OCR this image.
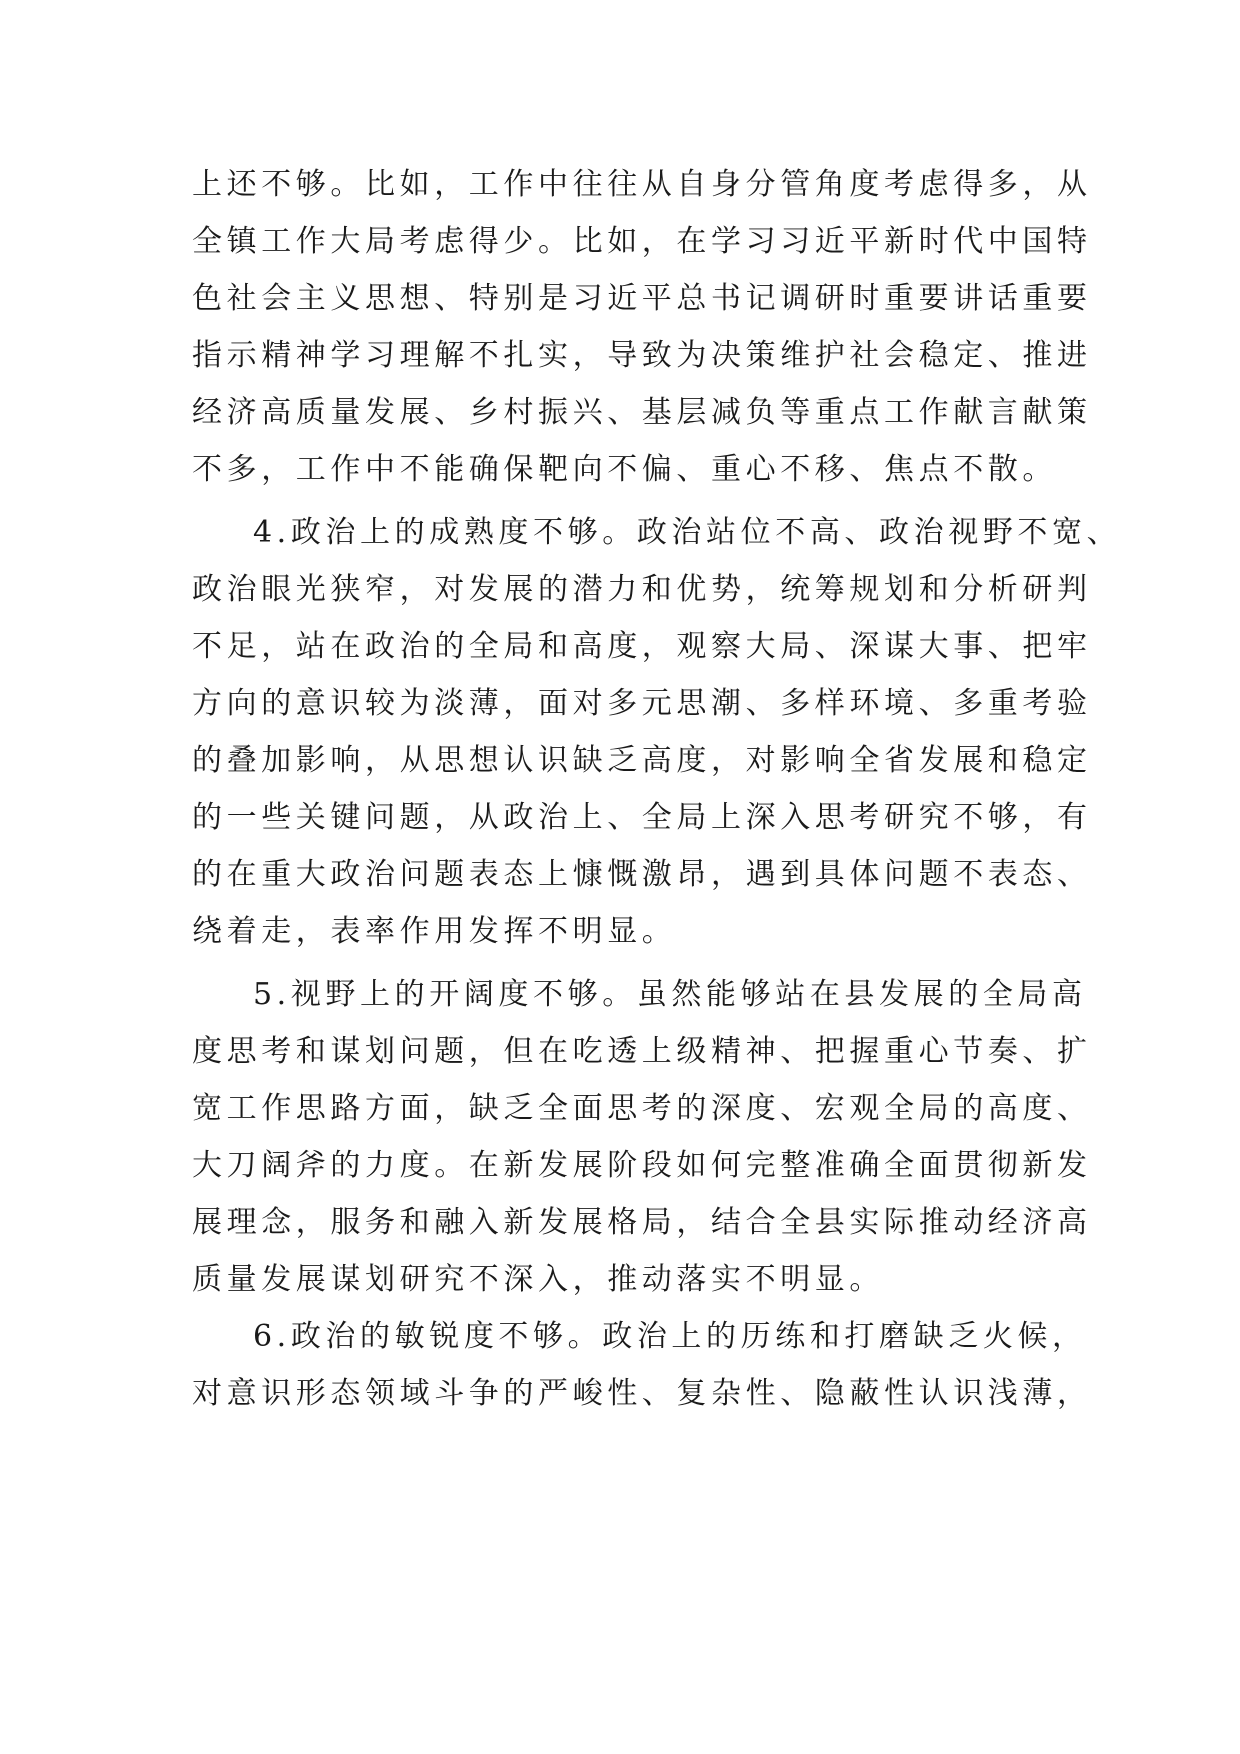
上还不够。比如，工作中往往从自身分管角度考虑得多，从
全镇工作大局考虑得少。比如，在学习习近平新时代中国特
色社会主义思想、特别是习近平总书记调研时重要讲话重要
指示精神学习理解不扎实，导致为决策维护社会稳定、推进
经济高质量发展、乡村振兴、基层减负等重点工作献言献策
不多，工作中不能确保靶向不偏、重心不移、焦点不散。
4.政治上的成熟度不够。政治站位不高、政治视野不宽、
政治眼光狭窄，对发展的潜力和优势，统筹规划和分析研判
不足，站在政治的全局和高度，观察大局、深谋大事、把牢
方向的意识较为淡薄，面对多元思潮、多样环境、多重考验
的叠加影响，从思想认识缺乏高度，对影响全省发展和稳定
的一些关键问题，从政治上、全局上深入思考研究不够，有
的在重大政治问题表态上慷慨激昂，遇到具体问题不表态、
绕着走，表率作用发挥不明显。
5.视野上的开阔度不够。虽然能够站在县发展的全局高
度思考和谋划问题，但在吃透上级精神、把握重心节奏、扩
宽工作思路方面，缺乏全面思考的深度、宏观全局的高度、
大刀阔斧的力度。在新发展阶段如何完整准确全面贯彻新发
展理念，服务和融入新发展格局，结合全县实际推动经济高
质量发展谋划研究不深入，推动落实不明显。
6.政治的敏锐度不够。政治上的历练和打磨缺乏火候，
对意识形态领域斗争的严峻性、复杂性、隐蔽性认识浅薄，
